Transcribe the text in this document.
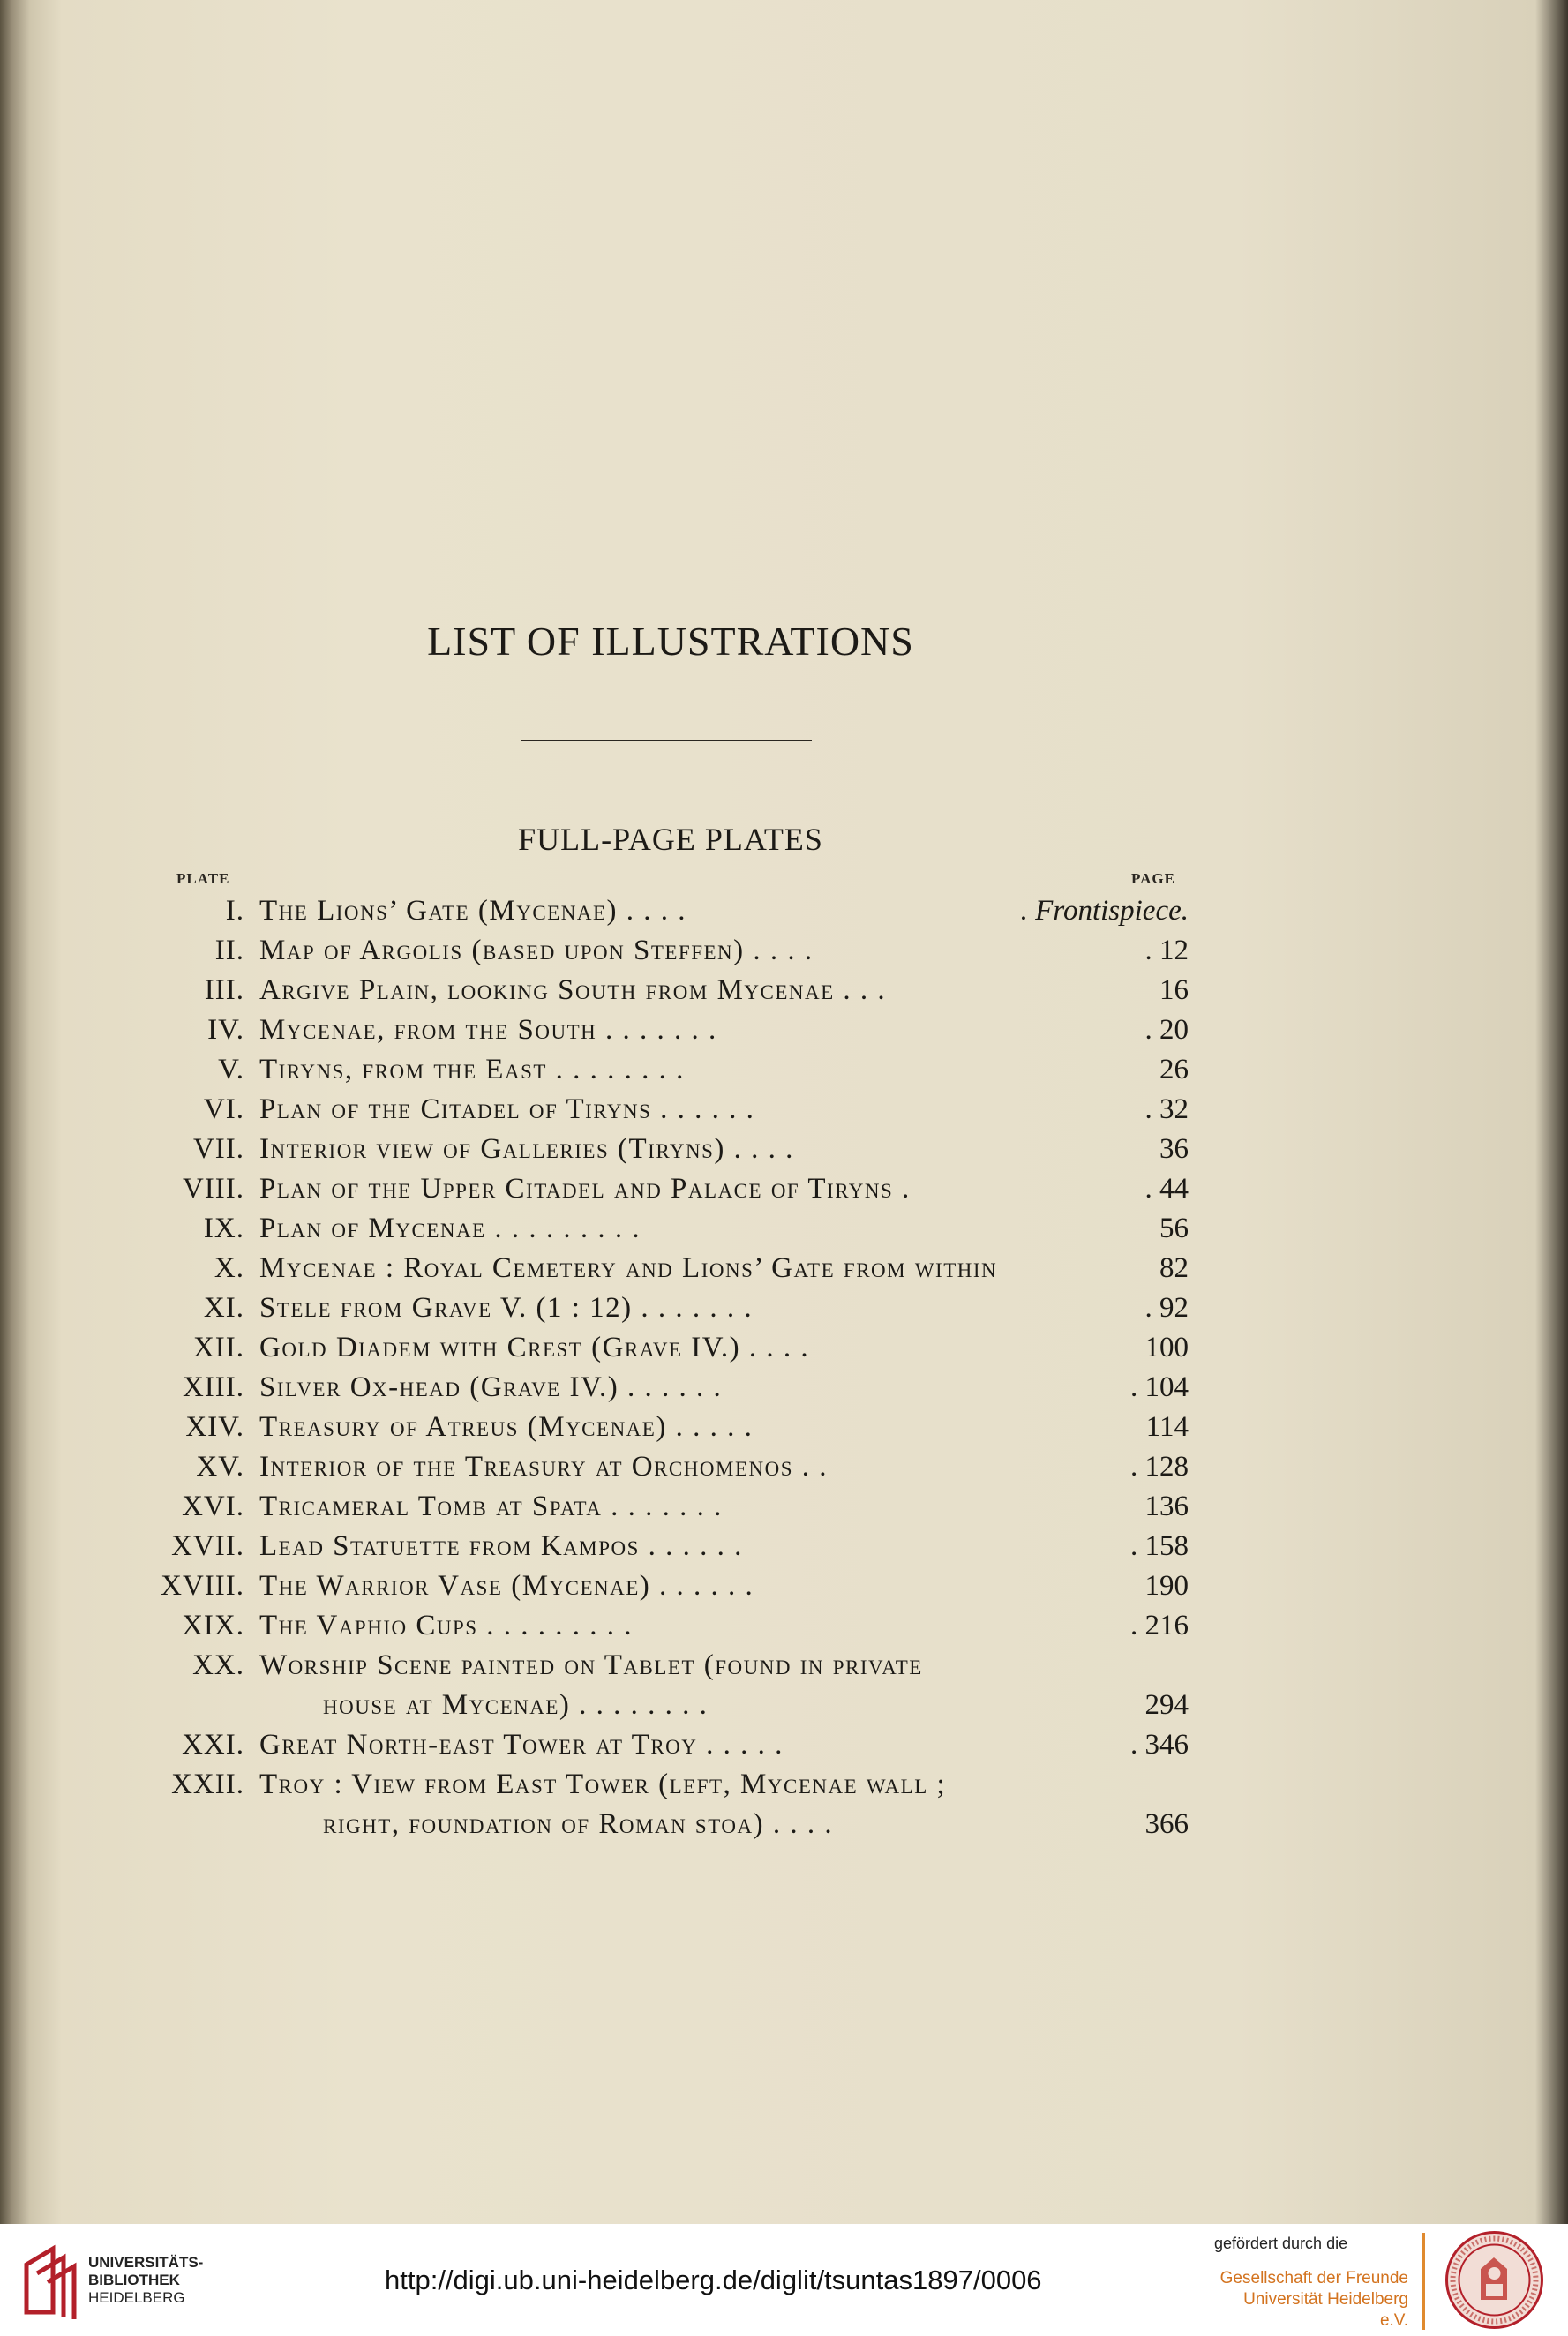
LIST OF ILLUSTRATIONS
FULL-PAGE PLATES
PLATE	PAGE
I. The Lions’ Gate (Mycenae) . . . .	. Frontispiece.
II. Map of Argolis (based upon Steffen) . . . .	. 12
III. Argive Plain, looking South from Mycenae . . .	16
IV. Mycenae, from the South . . . . . . .	. 20
V. Tiryns, from the East . . . . . . . .	26
VI. Plan of the Citadel of Tiryns . . . . . .	. 32
VII. Interior view of Galleries (Tiryns) . . . .	36
VIII. Plan of the Upper Citadel and Palace of Tiryns .	. 44
IX. Plan of Mycenae . . . . . . . . .	56
X. Mycenae : Royal Cemetery and Lions’ Gate from within	82
XI. Stele from Grave V. (1 : 12) . . . . . . .	. 92
XII. Gold Diadem with Crest (Grave IV.) . . . .	100
XIII. Silver Ox-head (Grave IV.) . . . . . .	. 104
XIV. Treasury of Atreus (Mycenae) . . . . .	114
XV. Interior of the Treasury at Orchomenos . .	. 128
XVI. Tricameral Tomb at Spata . . . . . . .	136
XVII. Lead Statuette from Kampos . . . . . .	. 158
XVIII. The Warrior Vase (Mycenae) . . . . . .	190
XIX. The Vaphio Cups . . . . . . . . .	. 216
XX. Worship Scene painted on Tablet (found in private
house at Mycenae) . . . . . . . .	294
XXI. Great North-east Tower at Troy . . . . .	. 346
XXII. Troy : View from East Tower (left, Mycenae wall ;
right, foundation of Roman stoa) . . . .	366
UNIVERSITÄTS-
BIBLIOTHEK
HEIDELBERG
http://digi.ub.uni-heidelberg.de/diglit/tsuntas1897/0006
gefördert durch die
Gesellschaft der Freunde
Universität Heidelberg e.V.
